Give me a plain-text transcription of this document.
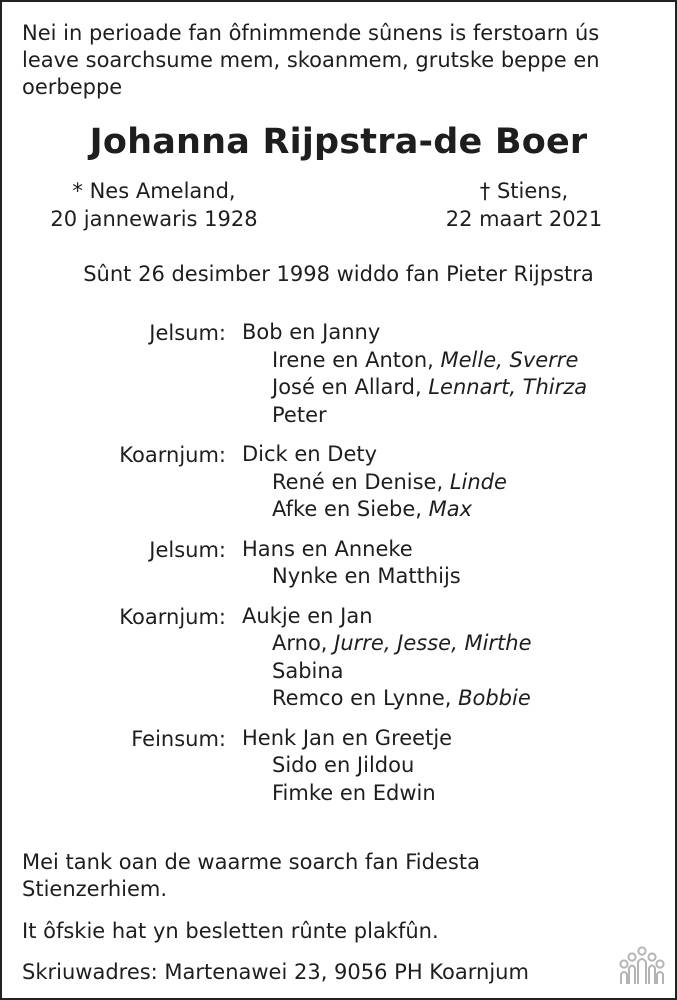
Nei in perioade fan ôfnimmende sûnens is ferstoarn ús leave soarchsume mem, skoanmem, grutske beppe en oerbeppe

Johanna Rijpstra-de Boer
* Nes Ameland,
20 jannewaris 1928
† Stiens,
22 maart 2021
Sûnt 26 desimber 1998 widdo fan Pieter Rijpstra
Jelsum: Bob en Janny
Irene en Anton, Melle, Sverre
José en Allard, Lennart, Thirza
Peter
Koarnjum: Dick en Dety
René en Denise, Linde
Afke en Siebe, Max
Jelsum: Hans en Anneke
Nynke en Matthijs
Koarnjum: Aukje en Jan
Arno, Jurre, Jesse, Mirthe
Sabina
Remco en Lynne, Bobbie
Feinsum: Henk Jan en Greetje
Sido en Jildou
Fimke en Edwin

Mei tank oan de waarme soarch fan Fidesta Stienzerhiem.

It ôfskie hat yn besletten rûnte plakfûn.

Skriuwadres: Martenawei 23, 9056 PH Koarnjum
